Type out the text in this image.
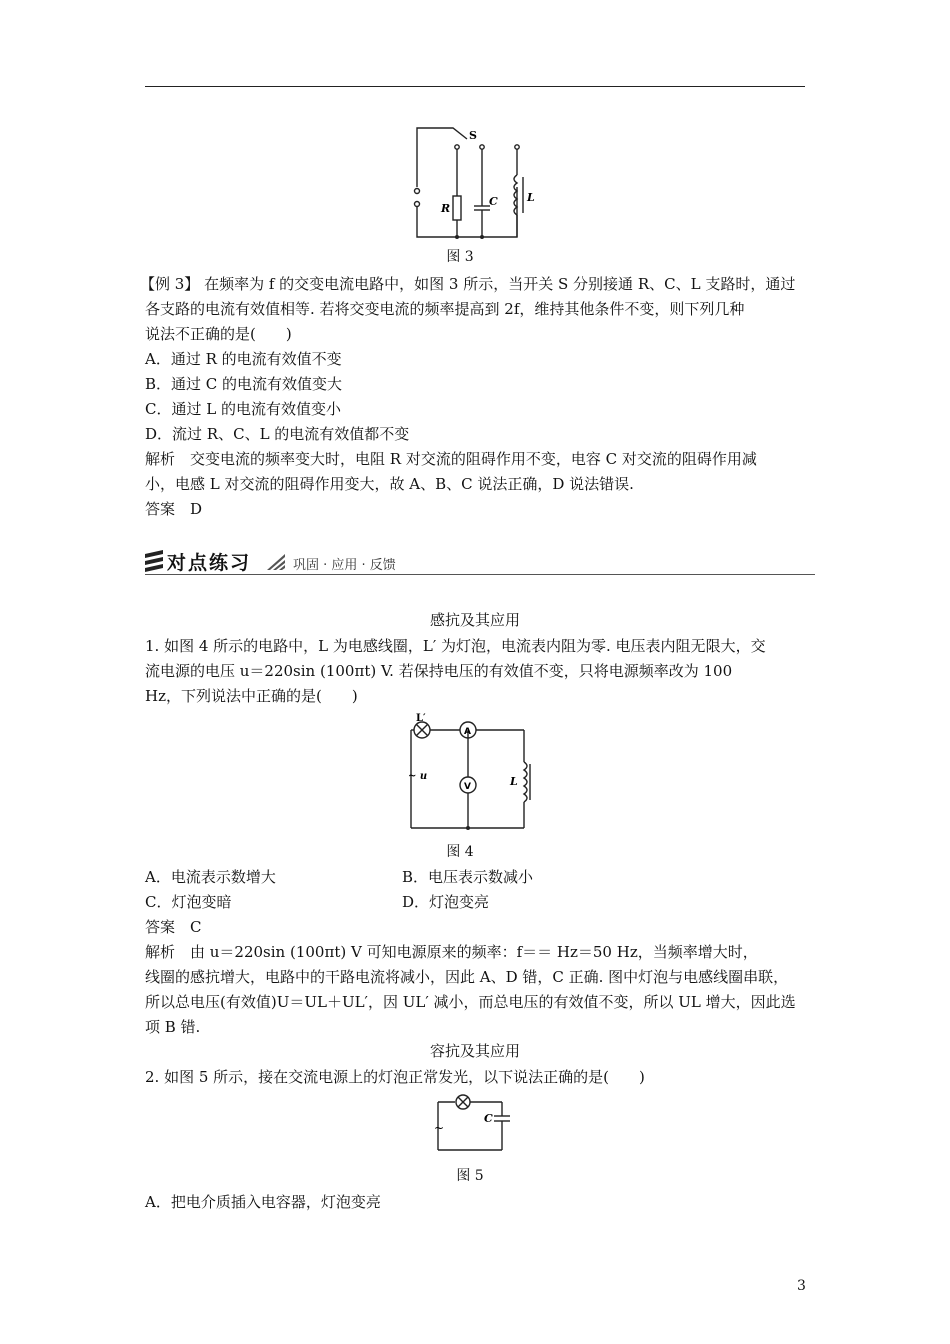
S
R
C	L
图 3
【例 3】 在频率为 f 的交变电流电路中，如图 3 所示，当开关 S 分别接通 R、C、L 支路时，通过
各支路的电流有效值相等. 若将交变电流的频率提高到 2f，维持其他条件不变，则下列几种
说法不正确的是(　　)
A．通过 R 的电流有效值不变
B．通过 C 的电流有效值变大
C．通过 L 的电流有效值变小
D．流过 R、C、L 的电流有效值都不变
解析　交变电流的频率变大时，电阻 R 对交流的阻碍作用不变，电容 C 对交流的阻碍作用减
小，电感 L 对交流的阻碍作用变大，故 A、B、C 说法正确，D 说法错误.
答案　D
对点练习	巩固 · 应用 · 反馈
感抗及其应用
1. 如图 4 所示的电路中，L 为电感线圈，L′ 为灯泡，电流表内阻为零. 电压表内阻无限大，交
流电源的电压 u＝220sin (100πt) V. 若保持电压的有效值不变，只将电源频率改为 100
Hz，下列说法中正确的是(　　)
L′
A
V
~ u	L
图 4
A．电流表示数增大	B．电压表示数减小
C．灯泡变暗	D．灯泡变亮
答案　C
解析　由 u＝220sin (100πt) V 可知电源原来的频率：f＝＝ Hz＝50 Hz，当频率增大时，
线圈的感抗增大，电路中的干路电流将减小，因此 A、D 错，C 正确. 图中灯泡与电感线圈串联，
所以总电压(有效值)U＝UL＋UL′，因 UL′ 减小，而总电压的有效值不变，所以 UL 增大，因此选
项 B 错.
容抗及其应用
2. 如图 5 所示，接在交流电源上的灯泡正常发光，以下说法正确的是(　　)
~
C
图 5
A．把电介质插入电容器，灯泡变亮
3
